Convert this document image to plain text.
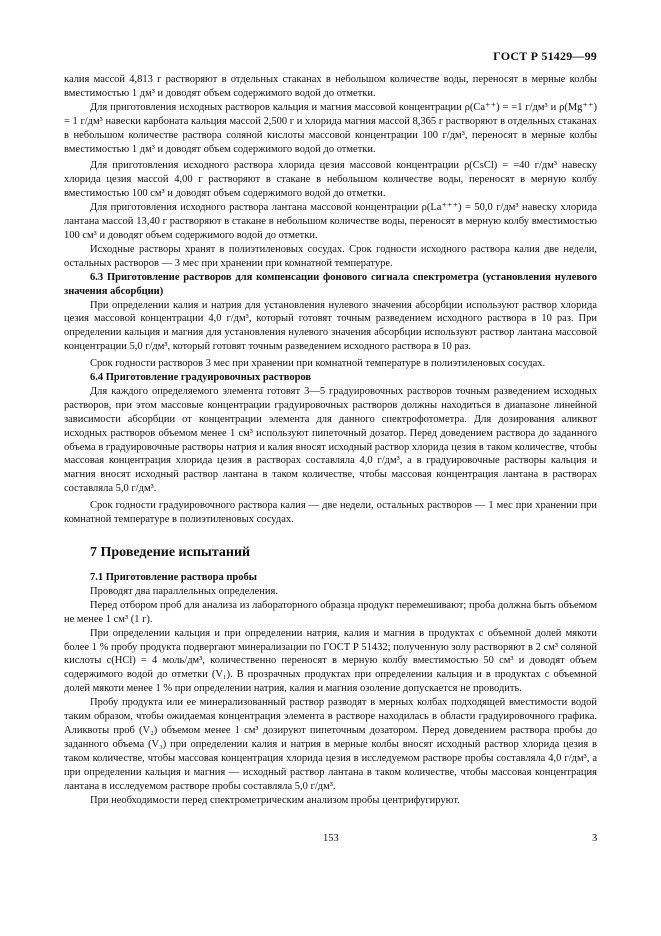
ГОСТ Р 51429—99

калия массой 4,813 г растворяют в отдельных стаканах в небольшом количестве воды, переносят в мерные колбы вместимостью 1 дм³ и доводят объем содержимого водой до отметки.

Для приготовления исходных растворов кальция и магния массовой концентрации ρ(Ca⁺⁺) = =1 г/дм³ и ρ(Mg⁺⁺) = 1 г/дм³ навески карбоната кальция массой 2,500 г и хлорида магния массой 8,365 г растворяют в отдельных стаканах в небольшом количестве раствора соляной кислоты массовой концентрации 100 г/дм³, переносят в мерные колбы вместимостью 1 дм³ и доводят объем содержимого водой до отметки.

Для приготовления исходного раствора хлорида цезия массовой концентрации ρ(CsCl) = =40 г/дм³ навеску хлорида цезия массой 4,00 г растворяют в стакане в небольшом количестве воды, переносят в мерную колбу вместимостью 100 см³ и доводят объем содержимого водой до отметки.

Для приготовления исходного раствора лантана массовой концентрации ρ(La⁺⁺⁺) = 50,0 г/дм³ навеску хлорида лантана массой 13,40 г растворяют в стакане в небольшом количестве воды, переносят в мерную колбу вместимостью 100 см³ и доводят объем содержимого водой до отметки.

Исходные растворы хранят в полиэтиленовых сосудах. Срок годности исходного раствора калия две недели, остальных растворов — 3 мес при хранении при комнатной температуре.

6.3 Приготовление растворов для компенсации фонового сигнала спектрометра (установления нулевого значения абсорбции)

При определении калия и натрия для установления нулевого значения абсорбции используют раствор хлорида цезия массовой концентрации 4,0 г/дм³, который готовят точным разведением исходного раствора в 10 раз. При определении кальция и магния для установления нулевого значения абсорбции используют раствор лантана массовой концентрации 5,0 г/дм³, который готовят точным разведением исходного раствора в 10 раз.

Срок годности растворов 3 мес при хранении при комнатной температуре в полиэтиленовых сосудах.

6.4 Приготовление градуировочных растворов

Для каждого определяемого элемента готовят 3—5 градуировочных растворов точным разведением исходных растворов, при этом массовые концентрации градуировочных растворов должны находиться в диапазоне линейной зависимости абсорбции от концентрации элемента для данного спектрофотометра. Для дозирования аликвот исходных растворов объемом менее 1 см³ используют пипеточный дозатор. Перед доведением раствора до заданного объема в градуировочные растворы натрия и калия вносят исходный раствор хлорида цезия в таком количестве, чтобы массовая концентрация хлорида цезия в растворах составляла 4,0 г/дм³, а в градуировочные растворы кальция и магния вносят исходный раствор лантана в таком количестве, чтобы массовая концентрация лантана в растворах составляла 5,0 г/дм³.

Срок годности градуировочного раствора калия — две недели, остальных растворов — 1 мес при хранении при комнатной температуре в полиэтиленовых сосудах.

7 Проведение испытаний

7.1 Приготовление раствора пробы

Проводят два параллельных определения.

Перед отбором проб для анализа из лабораторного образца продукт перемешивают; проба должна быть объемом не менее 1 см³ (1 г).

При определении кальция и при определении натрия, калия и магния в продуктах с объемной долей мякоти более 1 % пробу продукта подвергают минерализации по ГОСТ Р 51432; полученную золу растворяют в 2 см³ соляной кислоты c(HCl) = 4 моль/дм³, количественно переносят в мерную колбу вместимостью 50 см³ и доводят объем содержимого водой до отметки (V₁). В прозрачных продуктах при определении кальция и в продуктах с объемной долей мякоти менее 1 % при определении натрия, калия и магния озоление допускается не проводить.

Пробу продукта или ее минерализованный раствор разводят в мерных колбах подходящей вместимости водой таким образом, чтобы ожидаемая концентрация элемента в растворе находилась в области градуировочного графика. Аликвоты проб (V₂) объемом менее 1 см³ дозируют пипеточным дозатором. Перед доведением раствора пробы до заданного объема (V₃) при определении калия и натрия в мерные колбы вносят исходный раствор хлорида цезия в таком количестве, чтобы массовая концентрация хлорида цезия в исследуемом растворе пробы составляла 4,0 г/дм³, а при определении кальция и магния — исходный раствор лантана в таком количестве, чтобы массовая концентрация лантана в исследуемом растворе пробы составляла 5,0 г/дм³.

При необходимости перед спектрометрическим анализом пробы центрифугируют.

153	3
